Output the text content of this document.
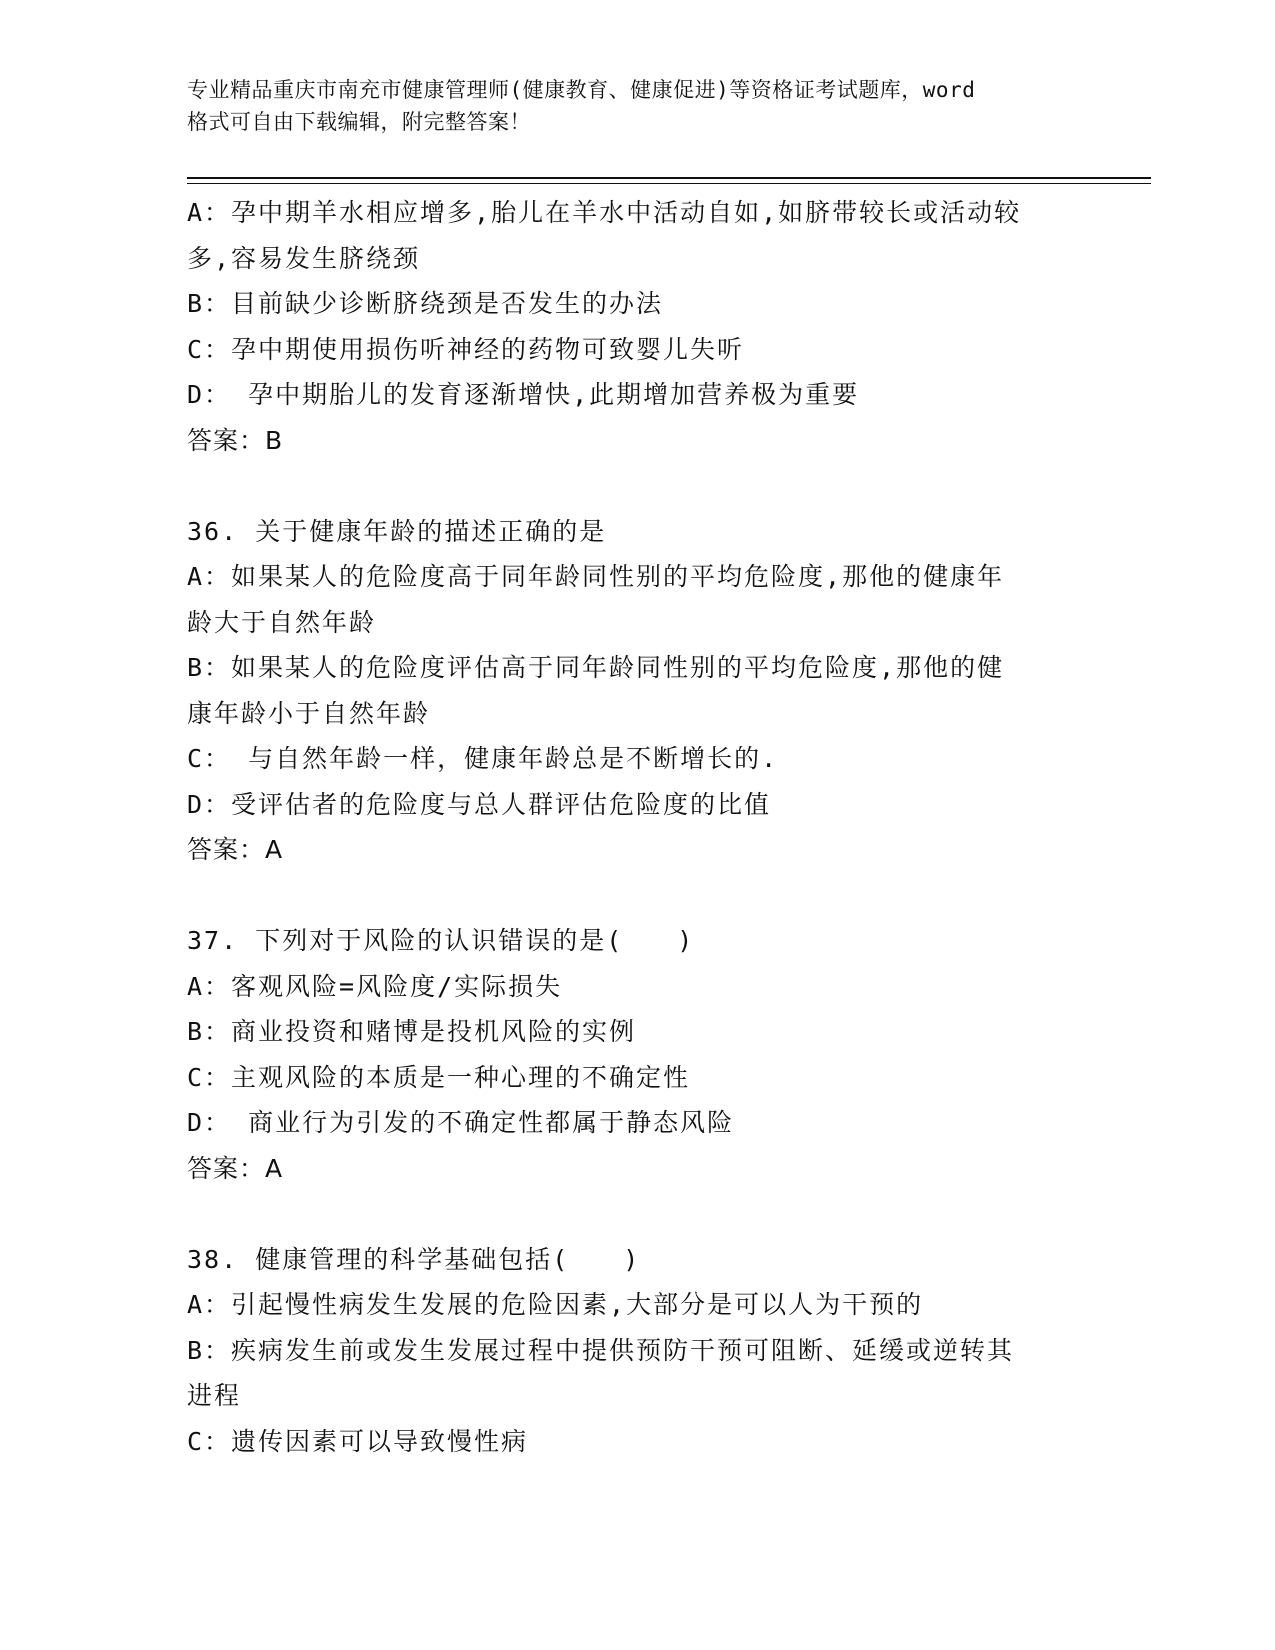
专业精品重庆市南充市健康管理师(健康教育、健康促进)等资格证考试题库，word
格式可自由下载编辑，附完整答案！
A：孕中期羊水相应增多,胎儿在羊水中活动自如,如脐带较长或活动较
多,容易发生脐绕颈
B：目前缺少诊断脐绕颈是否发生的办法
C：孕中期使用损伤听神经的药物可致婴儿失听
D： 孕中期胎儿的发育逐渐增快,此期增加营养极为重要
答案：B
36. 关于健康年龄的描述正确的是
A：如果某人的危险度高于同年龄同性别的平均危险度,那他的健康年
龄大于自然年龄
B：如果某人的危险度评估高于同年龄同性别的平均危险度,那他的健
康年龄小于自然年龄
C： 与自然年龄一样，健康年龄总是不断增长的.
D：受评估者的危险度与总人群评估危险度的比值
答案：A
37. 下列对于风险的认识错误的是(　　)
A：客观风险=风险度/实际损失
B：商业投资和赌博是投机风险的实例
C：主观风险的本质是一种心理的不确定性
D： 商业行为引发的不确定性都属于静态风险
答案：A
38. 健康管理的科学基础包括(　　)
A：引起慢性病发生发展的危险因素,大部分是可以人为干预的
B：疾病发生前或发生发展过程中提供预防干预可阻断、延缓或逆转其
进程
C：遗传因素可以导致慢性病
